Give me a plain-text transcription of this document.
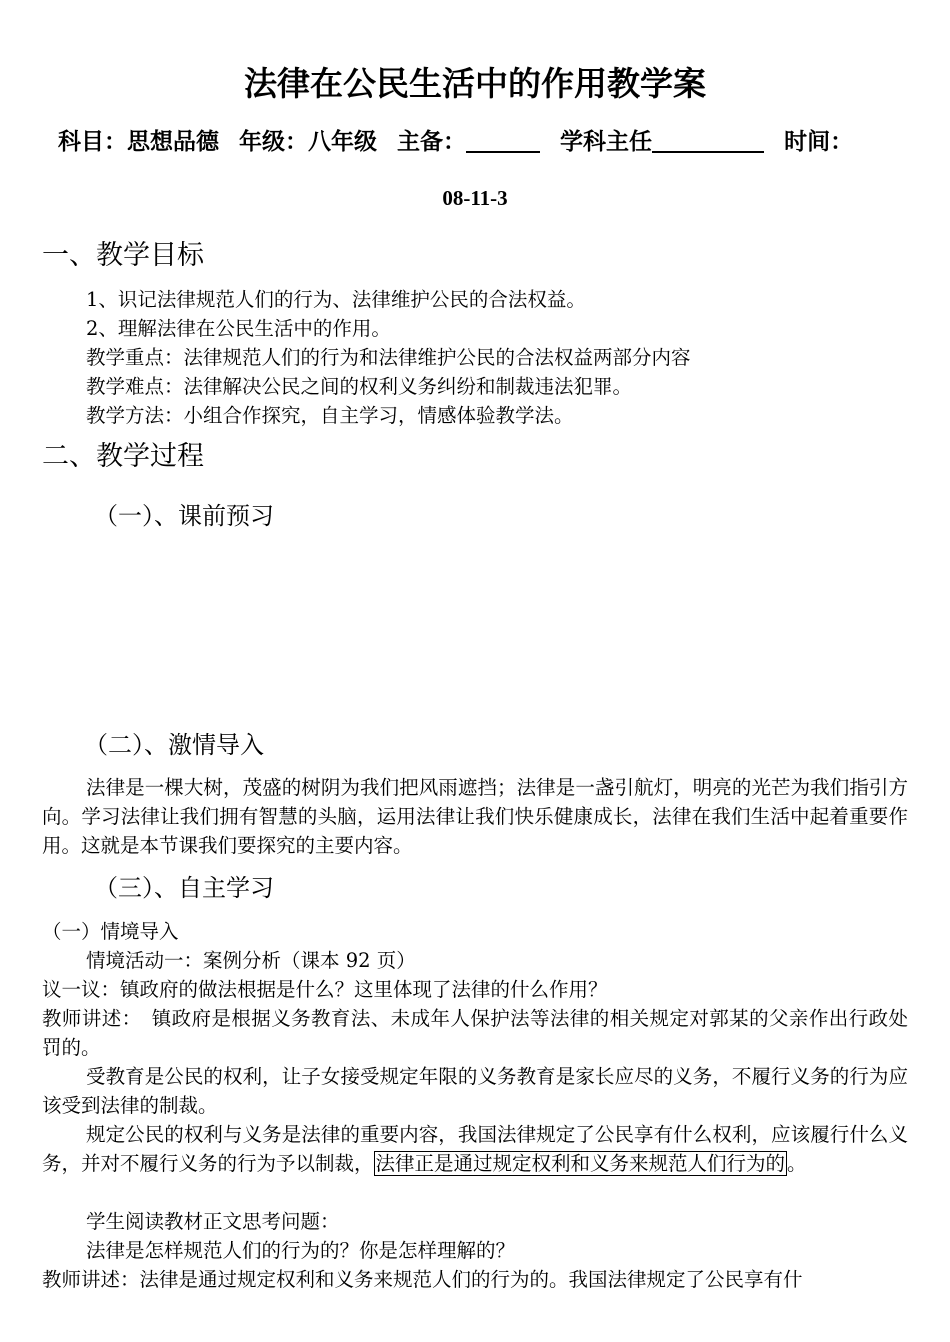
法律在公民生活中的作用教学案
科目：思想品德 年级：八年级 主备：	学科主任	时间：
08-11-3
一、教学目标
1、识记法律规范人们的行为、法律维护公民的合法权益。
2、理解法律在公民生活中的作用。
教学重点：法律规范人们的行为和法律维护公民的合法权益两部分内容
教学难点：法律解决公民之间的权利义务纠纷和制裁违法犯罪。
教学方法：小组合作探究，自主学习，情感体验教学法。
二、教学过程
（一）、课前预习
（二）、激情导入
法律是一棵大树，茂盛的树阴为我们把风雨遮挡；法律是一盏引航灯，明亮的光芒为我们指引方向。学习法律让我们拥有智慧的头脑，运用法律让我们快乐健康成长，法律在我们生活中起着重要作用。这就是本节课我们要探究的主要内容。
（三）、自主学习
（一）情境导入
情境活动一：案例分析（课本 92 页）
议一议：镇政府的做法根据是什么？这里体现了法律的什么作用？
教师讲述：　镇政府是根据义务教育法、未成年人保护法等法律的相关规定对郭某的父亲作出行政处罚的。
受教育是公民的权利，让子女接受规定年限的义务教育是家长应尽的义务，不履行义务的行为应该受到法律的制裁。
规定公民的权利与义务是法律的重要内容，我国法律规定了公民享有什么权利，应该履行什么义务，并对不履行义务的行为予以制裁， 法律正是通过规定权利和义务来规范人们行为的 。
学生阅读教材正文思考问题：
法律是怎样规范人们的行为的？你是怎样理解的？
教师讲述：法律是通过规定权利和义务来规范人们的行为的。我国法律规定了公民享有什
